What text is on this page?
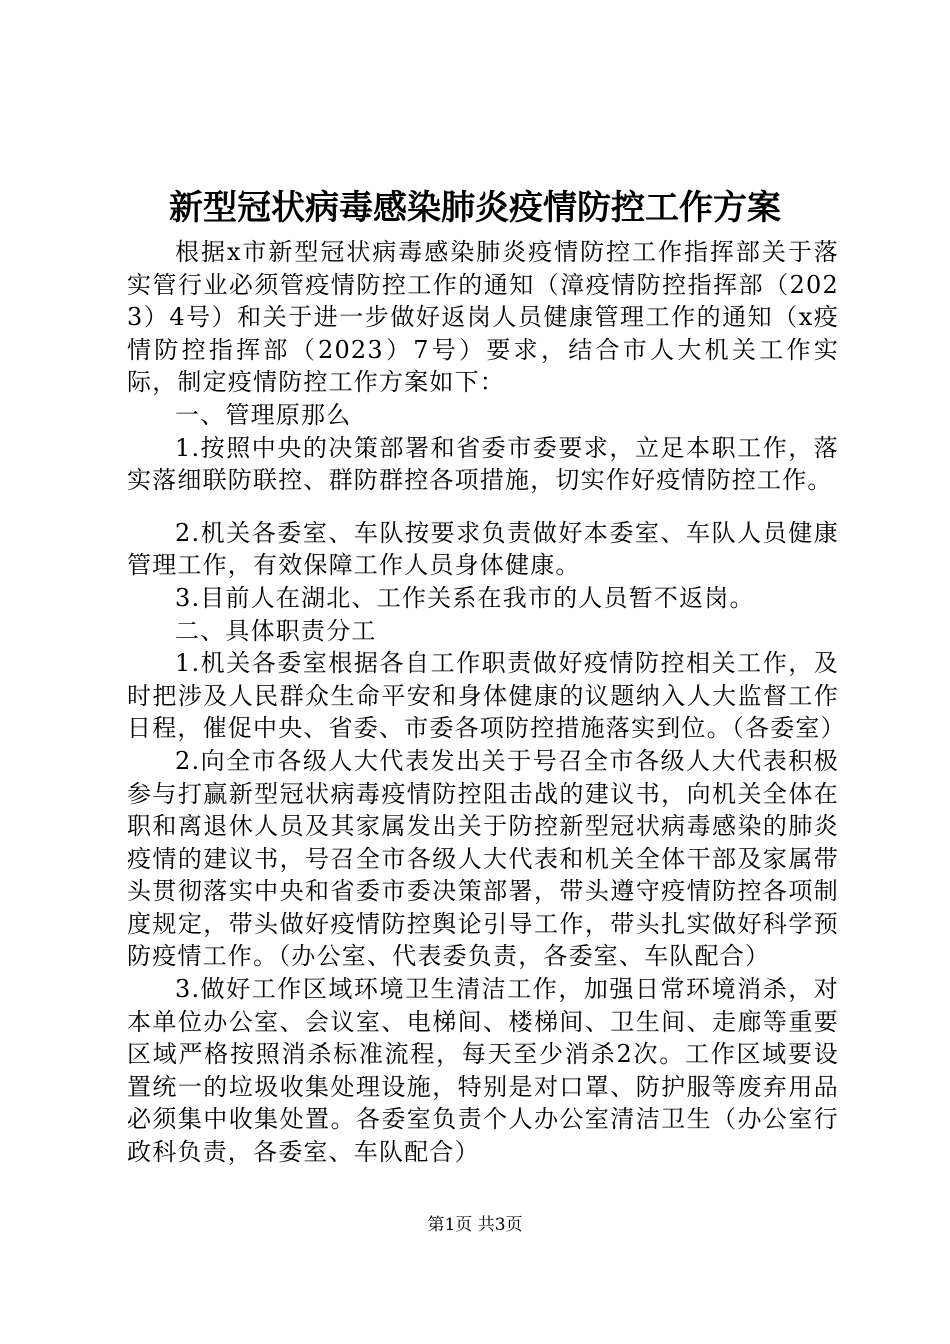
新型冠状病毒感染肺炎疫情防控工作方案

根据x市新型冠状病毒感染肺炎疫情防控工作指挥部关于落实管行业必须管疫情防控工作的通知（漳疫情防控指挥部（2023）4号）和关于进一步做好返岗人员健康管理工作的通知（x疫情防控指挥部（2023）7号）要求，结合市人大机关工作实际，制定疫情防控工作方案如下：

一、管理原那么

1.按照中央的决策部署和省委市委要求，立足本职工作，落实落细联防联控、群防群控各项措施，切实作好疫情防控工作。

2.机关各委室、车队按要求负责做好本委室、车队人员健康管理工作，有效保障工作人员身体健康。

3.目前人在湖北、工作关系在我市的人员暂不返岗。

二、具体职责分工

1.机关各委室根据各自工作职责做好疫情防控相关工作，及时把涉及人民群众生命平安和身体健康的议题纳入人大监督工作日程，催促中央、省委、市委各项防控措施落实到位。（各委室）

2.向全市各级人大代表发出关于号召全市各级人大代表积极参与打赢新型冠状病毒疫情防控阻击战的建议书，向机关全体在职和离退休人员及其家属发出关于防控新型冠状病毒感染的肺炎疫情的建议书，号召全市各级人大代表和机关全体干部及家属带头贯彻落实中央和省委市委决策部署，带头遵守疫情防控各项制度规定，带头做好疫情防控舆论引导工作，带头扎实做好科学预防疫情工作。（办公室、代表委负责，各委室、车队配合）

3.做好工作区域环境卫生清洁工作，加强日常环境消杀，对本单位办公室、会议室、电梯间、楼梯间、卫生间、走廊等重要区域严格按照消杀标准流程，每天至少消杀2次。工作区域要设置统一的垃圾收集处理设施，特别是对口罩、防护服等废弃用品必须集中收集处置。各委室负责个人办公室清洁卫生（办公室行政科负责，各委室、车队配合）

第1页 共3页
